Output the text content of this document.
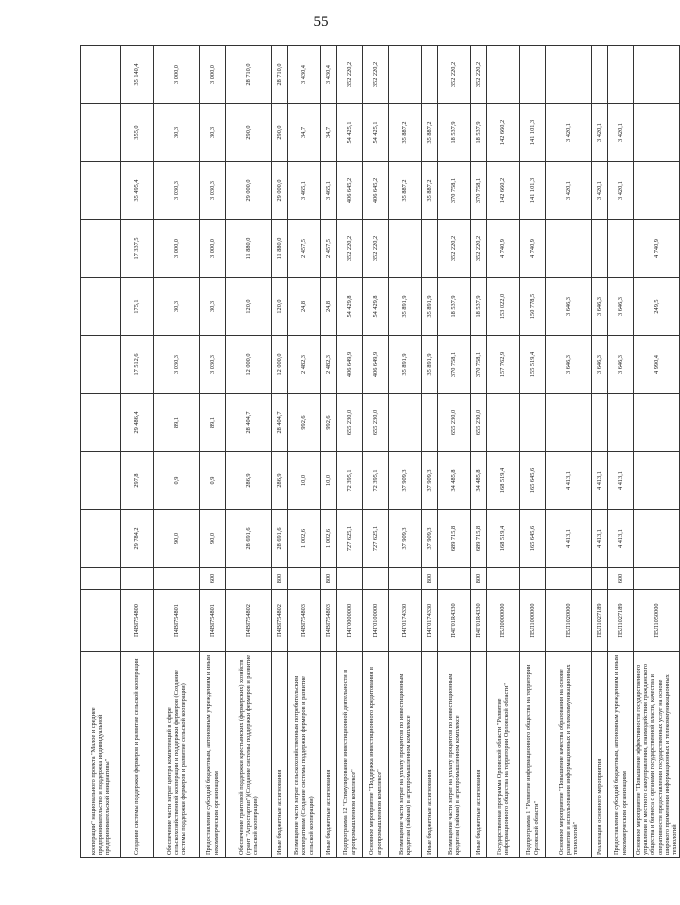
55
кооперации" национального проекта "Малое и среднее предпринимательство и поддержка индивидуальной предпринимательской инициативы"											
Создание системы поддержки фермеров и развитие сельской кооперации	П4ВI754800		29 784,2	297,8	29 486,4	17 512,6	175,1	17 337,5	35 495,4	355,0	35 140,4
Обеспечение части затрат центра компетенций в сфере сельскохозяйственной кооперации и поддержки фермеров (Создание системы поддержки фермеров и развитие сельской кооперации)	П4ВI754801		90,0	0,9	89,1	3 030,3	30,3	3 000,0	3 030,3	30,3	3 000,0
Предоставление субсидий бюджетным, автономным учреждениям и иным некоммерческим организациям	П4ВI754801	600	90,0	0,9	89,1	3 030,3	30,3	3 000,0	3 030,3	30,3	3 000,0
Обеспечение грантовой поддержки крестьянских (фермерских) хозяйств (грант "Агростартап")(Создание системы поддержки фермеров и развитие сельской кооперации)	П4ВI754802		28 691,6	286,9	28 404,7	12 000,0	120,0	11 880,0	29 000,0	290,0	28 710,0
Иные бюджетные ассигнования	П4ВI754802	800	28 691,6	286,9	28 404,7	12 000,0	120,0	11 880,0	29 000,0	290,0	28 710,0
Возмещение части затрат сельскохозяйственным потребительским кооперативам (Создание системы поддержки фермеров и развитие сельской кооперации)	П4ВI754803		1 002,6	10,0	992,6	2 482,3	24,8	2 457,5	3 465,1	34,7	3 430,4
Иные бюджетные ассигнования	П4ВI754803	800	1 002,6	10,0	992,6	2 482,3	24,8	2 457,5	3 465,1	34,7	3 430,4
Подпрограмма 12 "Стимулирование инвестиционной деятельности в агропромышленном комплексе"	П4Г0000000		727 625,1	72 395,1	655 230,0	406 649,9	54 429,8	352 220,2	406 645,2	54 425,1	352 220,2
Основное мероприятие "Поддержка инвестиционного кредитования в агропромышленном комплексе"	П4Г0100000		727 625,1	72 395,1	655 230,0	406 649,9	54 429,8	352 220,2	406 645,2	54 425,1	352 220,2
Возмещение части затрат на уплату процентов по инвестиционным кредитам (займам) в агропромышленном комплексе	П4Г0174330		37 909,3	37 909,3		35 891,9	35 891,9		35 887,2	35 887,2	
Иные бюджетные ассигнования	П4Г0174330	800	37 909,3	37 909,3		35 891,9	35 891,9		35 887,2	35 887,2	
Возмещение части затрат на уплату процентов по инвестиционным кредитам (займам) в агропромышленном комплексе	П4Г01R4330		689 715,8	34 485,8	655 230,0	370 758,1	18 537,9	352 220,2	370 758,1	18 537,9	352 220,2
Иные бюджетные ассигнования	П4Г01R4330	800	689 715,8	34 485,8	655 230,0	370 758,1	18 537,9	352 220,2	370 758,1	18 537,9	352 220,2
Государственная программа Орловской области "Развитие информационного общества на территории Орловской области"	П5Л0000000		168 519,4	168 519,4		157 762,9	153 022,0	4 740,9	142 660,2	142 660,2	
Подпрограмма 1 "Развитие информационного общества на территории Орловской области"	П5Л1000000		165 645,6	165 645,6		155 519,4	150 778,5	4 740,9	141 101,3	141 101,3	
Основное мероприятие "Повышение качества образования на основе развития и использования информационных и телекоммуникационных технологий"	П5Л1020000		4 413,1	4 413,1		3 646,3	3 646,3		3 420,1	3 420,1	
Реализация основного мероприятия	П5Л1027189		4 413,1	4 413,1		3 646,3	3 646,3		3 420,1	3 420,1	
Предоставление субсидий бюджетным, автономным учреждениям и иным некоммерческим организациям	П5Л1027189	600	4 413,1	4 413,1		3 646,3	3 646,3		3 420,1	3 420,1	
Основное мероприятие "Повышение эффективности государственного управления и местного самоуправления, взаимодействия гражданского общества и бизнеса с органами государственной власти, качества и оперативности предоставления государственных услуг на основе широкого применения информационных и телекоммуникационных технологий	П5Л1050000					4 990,4	249,5	4 740,9			
